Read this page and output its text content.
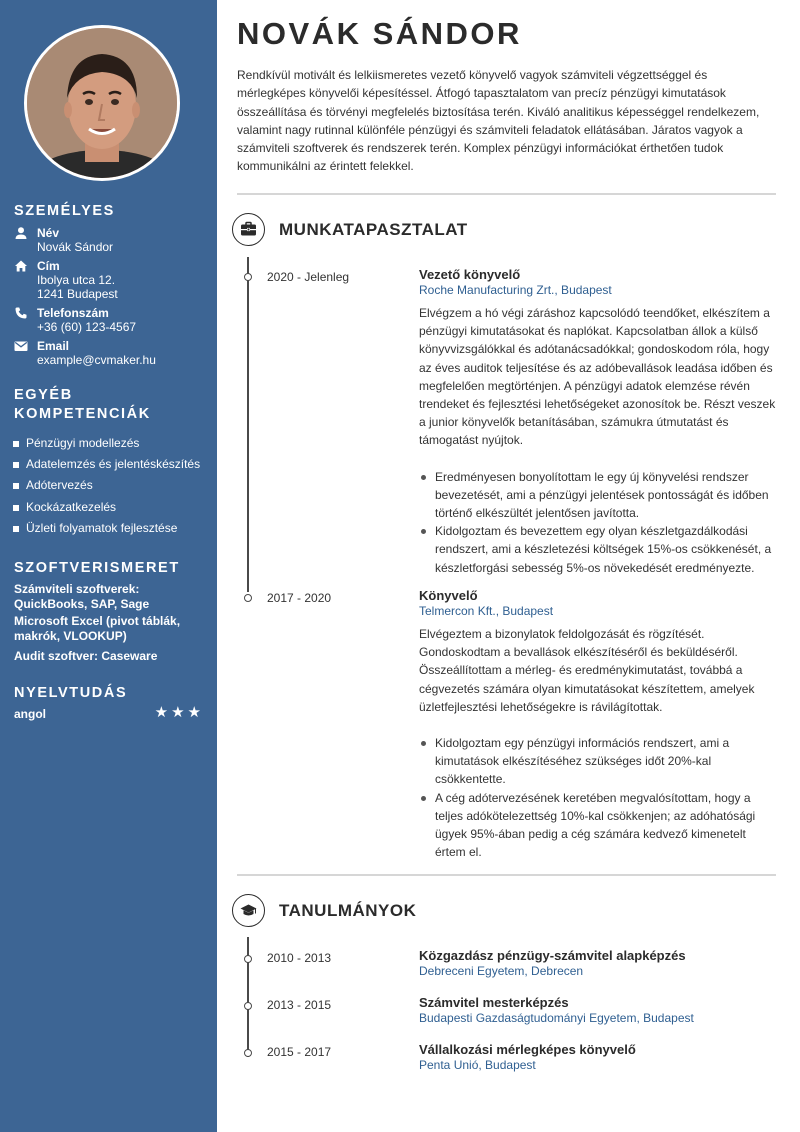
SZEMÉLYES
Név
Novák Sándor
Cím
Ibolya utca 12.
1241 Budapest
Telefonszám
+36 (60) 123-4567
Email
example@cvmaker.hu
EGYÉB
KOMPETENCIÁK
Pénzügyi modellezés
Adatelemzés és jelentéskészítés
Adótervezés
Kockázatkezelés
Üzleti folyamatok fejlesztése
SZOFTVERISMERET
Számviteli szoftverek: QuickBooks, SAP, Sage
Microsoft Excel (pivot táblák, makrók, VLOOKUP)
Audit szoftver: Caseware
NYELVTUDÁS
angol	★★★
NOVÁK SÁNDOR
Rendkívül motivált és lelkiismeretes vezető könyvelő vagyok számviteli végzettséggel és mérlegképes könyvelői képesítéssel. Átfogó tapasztalatom van precíz pénzügyi kimutatások összeállítása és törvényi megfelelés biztosítása terén. Kiváló analitikus képességgel rendelkezem, valamint nagy rutinnal különféle pénzügyi és számviteli feladatok ellátásában. Járatos vagyok a számviteli szoftverek és rendszerek terén. Komplex pénzügyi információkat érthetően tudok kommunikálni az érintett felekkel.
MUNKATAPASZTALAT
2020 - Jelenleg	Vezető könyvelő
Roche Manufacturing Zrt., Budapest
Elvégzem a hó végi záráshoz kapcsolódó teendőket, elkészítem a pénzügyi kimutatásokat és naplókat. Kapcsolatban állok a külső könyvvizsgálókkal és adótanácsadókkal; gondoskodom róla, hogy az éves auditok teljesítése és az adóbevallások leadása időben és megfelelően megtörténjen. A pénzügyi adatok elemzése révén trendeket és fejlesztési lehetőségeket azonosítok be. Részt veszek a junior könyvelők betanításában, számukra útmutatást és támogatást nyújtok.
Eredményesen bonyolítottam le egy új könyvelési rendszer bevezetését, ami a pénzügyi jelentések pontosságát és időben történő elkészültét jelentősen javította.
Kidolgoztam és bevezettem egy olyan készletgazdálkodási rendszert, ami a készletezési költségek 15%-os csökkenését, a készletforgási sebesség 5%-os növekedését eredményezte.
2017 - 2020	Könyvelő
Telmercon Kft., Budapest
Elvégeztem a bizonylatok feldolgozását és rögzítését. Gondoskodtam a bevallások elkészítéséről és beküldéséről. Összeállítottam a mérleg- és eredménykimutatást, továbbá a cégvezetés számára olyan kimutatásokat készítettem, amelyek üzletfejlesztési lehetőségekre is rávilágítottak.
Kidolgoztam egy pénzügyi információs rendszert, ami a kimutatások elkészítéséhez szükséges időt 20%-kal csökkentette.
A cég adótervezésének keretében megvalósítottam, hogy a teljes adókötelezettség 10%-kal csökkenjen; az adóhatósági ügyek 95%-ában pedig a cég számára kedvező kimenetelt értem el.
TANULMÁNYOK
2010 - 2013	Közgazdász pénzügy-számvitel alapképzés
Debreceni Egyetem, Debrecen
2013 - 2015	Számvitel mesterképzés
Budapesti Gazdaságtudományi Egyetem, Budapest
2015 - 2017	Vállalkozási mérlegképes könyvelő
Penta Unió, Budapest
